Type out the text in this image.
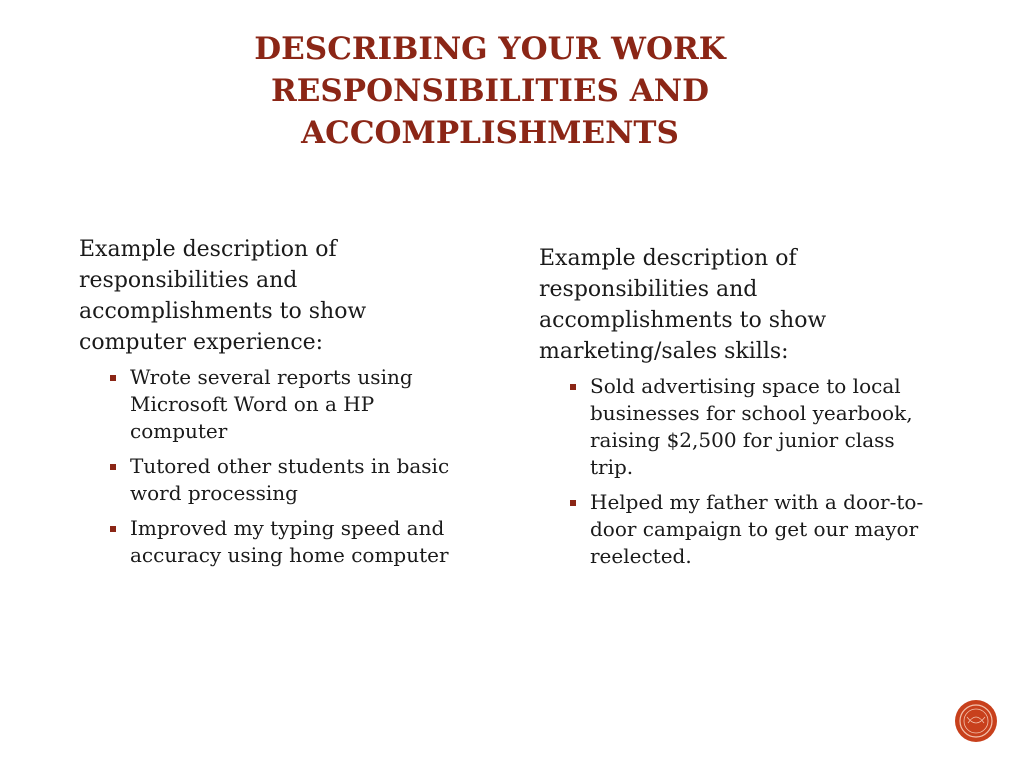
DESCRIBING YOUR WORK
RESPONSIBILITIES AND
ACCOMPLISHMENTS

Example description of responsibilities and accomplishments to show computer experience:

Wrote several reports using Microsoft Word on a HP computer
Tutored other students in basic word processing
Improved my typing speed and accuracy using home computer

Example description of responsibilities and accomplishments to show marketing/sales skills:

Sold advertising space to local businesses for school yearbook, raising $2,500 for junior class trip.
Helped my father with a door-to-door campaign to get our mayor reelected.
